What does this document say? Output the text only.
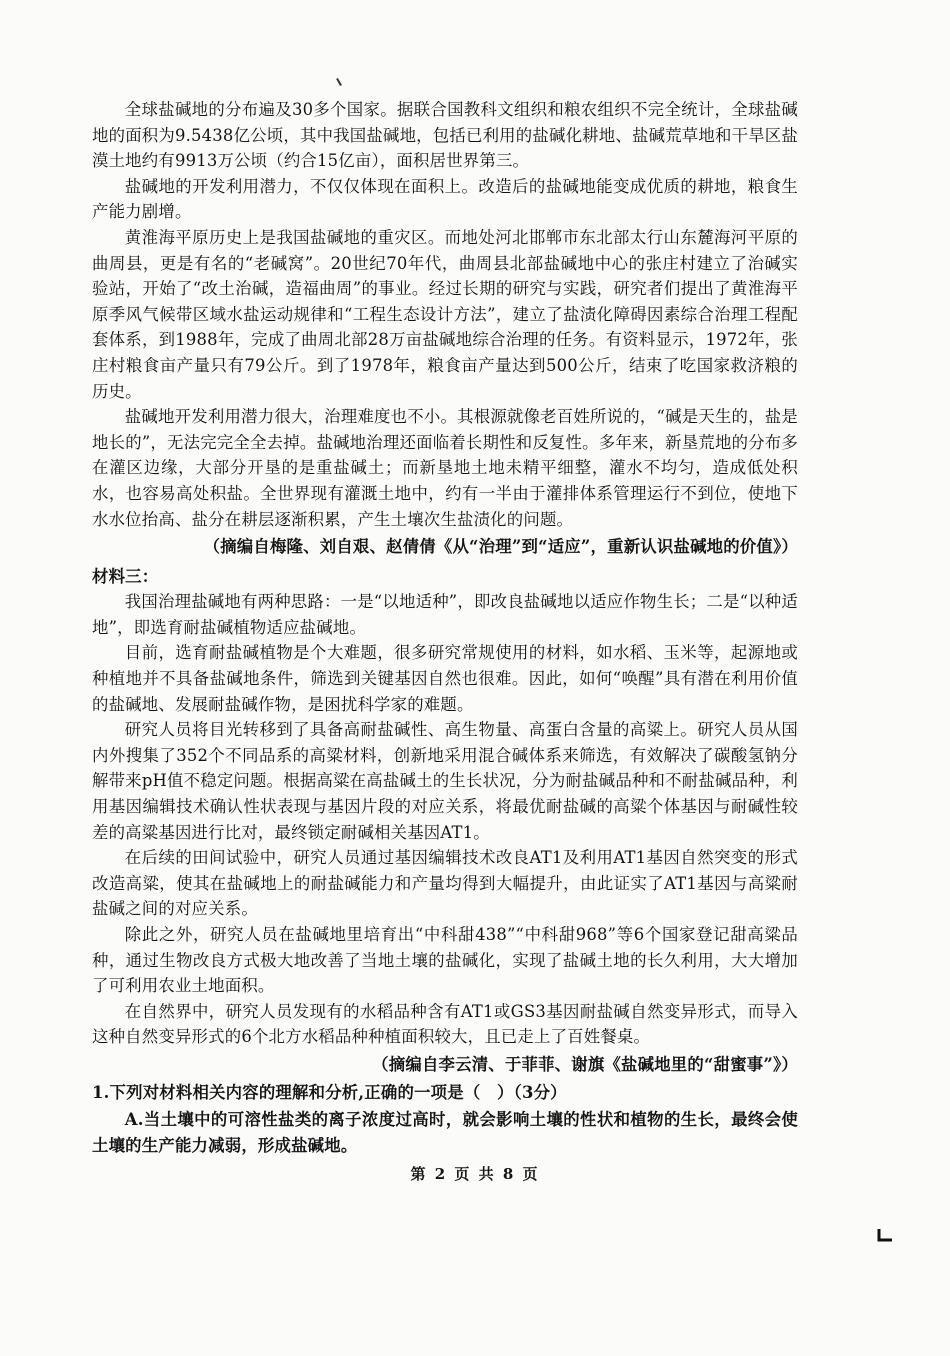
全球盐碱地的分布遍及30多个国家。据联合国教科文组织和粮农组织不完全统计，全球盐碱地的面积为9.5438亿公顷，其中我国盐碱地，包括已利用的盐碱化耕地、盐碱荒草地和干旱区盐漠土地约有9913万公顷（约合15亿亩），面积居世界第三。

盐碱地的开发利用潜力，不仅仅体现在面积上。改造后的盐碱地能变成优质的耕地，粮食生产能力剧增。

黄淮海平原历史上是我国盐碱地的重灾区。而地处河北邯郸市东北部太行山东麓海河平原的曲周县，更是有名的“老碱窝”。20世纪70年代，曲周县北部盐碱地中心的张庄村建立了治碱实验站，开始了“改土治碱，造福曲周”的事业。经过长期的研究与实践，研究者们提出了黄淮海平原季风气候带区域水盐运动规律和“工程生态设计方法”，建立了盐渍化障碍因素综合治理工程配套体系，到1988年，完成了曲周北部28万亩盐碱地综合治理的任务。有资料显示，1972年，张庄村粮食亩产量只有79公斤。到了1978年，粮食亩产量达到500公斤，结束了吃国家救济粮的历史。

盐碱地开发利用潜力很大，治理难度也不小。其根源就像老百姓所说的，“碱是天生的，盐是地长的”，无法完完全全去掉。盐碱地治理还面临着长期性和反复性。多年来，新垦荒地的分布多在灌区边缘，大部分开垦的是重盐碱土；而新垦地土地未精平细整，灌水不均匀，造成低处积水，也容易高处积盐。全世界现有灌溉土地中，约有一半由于灌排体系管理运行不到位，使地下水水位抬高、盐分在耕层逐渐积累，产生土壤次生盐渍化的问题。

（摘编自梅隆、刘自艰、赵倩倩《从“治理”到“适应”，重新认识盐碱地的价值》）

材料三：

我国治理盐碱地有两种思路：一是“以地适种”，即改良盐碱地以适应作物生长；二是“以种适地”，即选育耐盐碱植物适应盐碱地。

目前，选育耐盐碱植物是个大难题，很多研究常规使用的材料，如水稻、玉米等，起源地或种植地并不具备盐碱地条件，筛选到关键基因自然也很难。因此，如何“唤醒”具有潜在利用价值的盐碱地、发展耐盐碱作物，是困扰科学家的难题。

研究人员将目光转移到了具备高耐盐碱性、高生物量、高蛋白含量的高粱上。研究人员从国内外搜集了352个不同品系的高粱材料，创新地采用混合碱体系来筛选，有效解决了碳酸氢钠分解带来pH值不稳定问题。根据高粱在高盐碱土的生长状况，分为耐盐碱品种和不耐盐碱品种，利用基因编辑技术确认性状表现与基因片段的对应关系，将最优耐盐碱的高粱个体基因与耐碱性较差的高粱基因进行比对，最终锁定耐碱相关基因AT1。

在后续的田间试验中，研究人员通过基因编辑技术改良AT1及利用AT1基因自然突变的形式改造高粱，使其在盐碱地上的耐盐碱能力和产量均得到大幅提升，由此证实了AT1基因与高粱耐盐碱之间的对应关系。

除此之外，研究人员在盐碱地里培育出“中科甜438”“中科甜968”等6个国家登记甜高粱品种，通过生物改良方式极大地改善了当地土壤的盐碱化，实现了盐碱土地的长久利用，大大增加了可利用农业土地面积。

在自然界中，研究人员发现有的水稻品种含有AT1或GS3基因耐盐碱自然变异形式，而导入这种自然变异形式的6个北方水稻品种种植面积较大，且已走上了百姓餐桌。

（摘编自李云清、于菲菲、谢旗《盐碱地里的“甜蜜事”》）

1.下列对材料相关内容的理解和分析,正确的一项是（　）（3分）

A.当土壤中的可溶性盐类的离子浓度过高时，就会影响土壤的性状和植物的生长，最终会使土壤的生产能力减弱，形成盐碱地。

第 2 页 共 8 页
